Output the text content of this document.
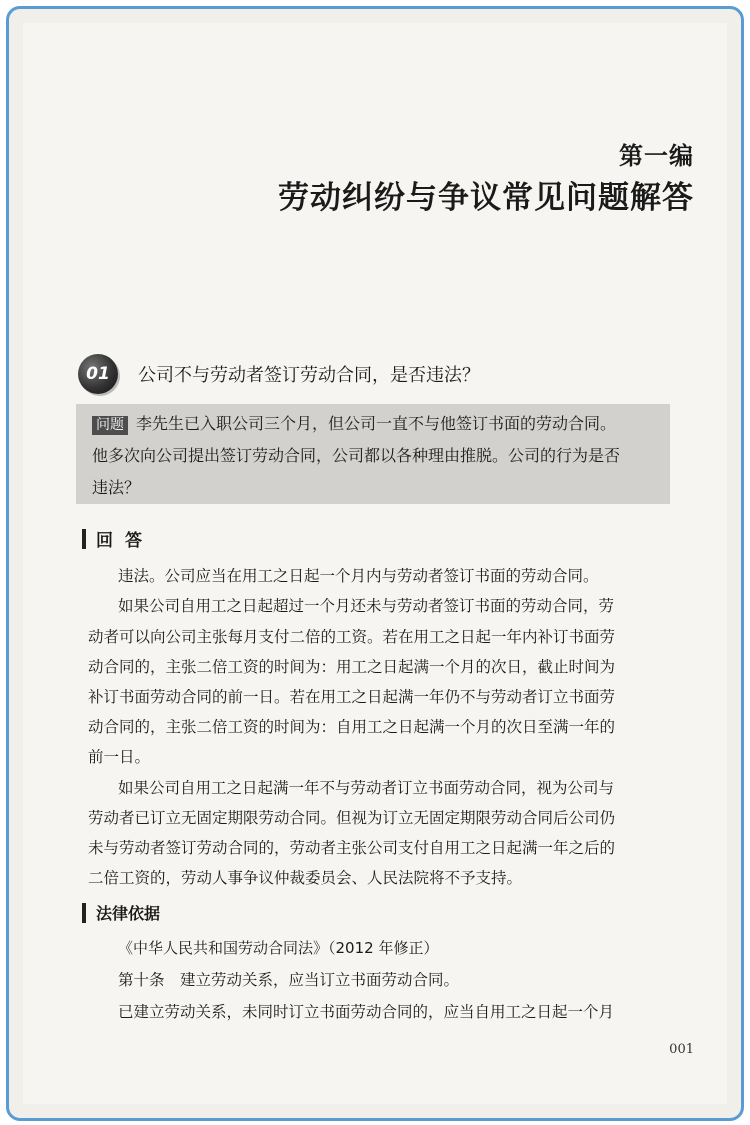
第一编
劳动纠纷与争议常见问题解答
01	公司不与劳动者签订劳动合同，是否违法？
问题 李先生已入职公司三个月，但公司一直不与他签订书面的劳动合同。
他多次向公司提出签订劳动合同，公司都以各种理由推脱。公司的行为是否
违法？
回答
违法。公司应当在用工之日起一个月内与劳动者签订书面的劳动合同。
如果公司自用工之日起超过一个月还未与劳动者签订书面的劳动合同，劳
动者可以向公司主张每月支付二倍的工资。若在用工之日起一年内补订书面劳
动合同的，主张二倍工资的时间为：用工之日起满一个月的次日，截止时间为
补订书面劳动合同的前一日。若在用工之日起满一年仍不与劳动者订立书面劳
动合同的，主张二倍工资的时间为：自用工之日起满一个月的次日至满一年的
前一日。
如果公司自用工之日起满一年不与劳动者订立书面劳动合同，视为公司与
劳动者已订立无固定期限劳动合同。但视为订立无固定期限劳动合同后公司仍
未与劳动者签订劳动合同的，劳动者主张公司支付自用工之日起满一年之后的
二倍工资的，劳动人事争议仲裁委员会、人民法院将不予支持。
法律依据
《中华人民共和国劳动合同法》（2012 年修正）
第十条　建立劳动关系，应当订立书面劳动合同。
已建立劳动关系，未同时订立书面劳动合同的，应当自用工之日起一个月
001
